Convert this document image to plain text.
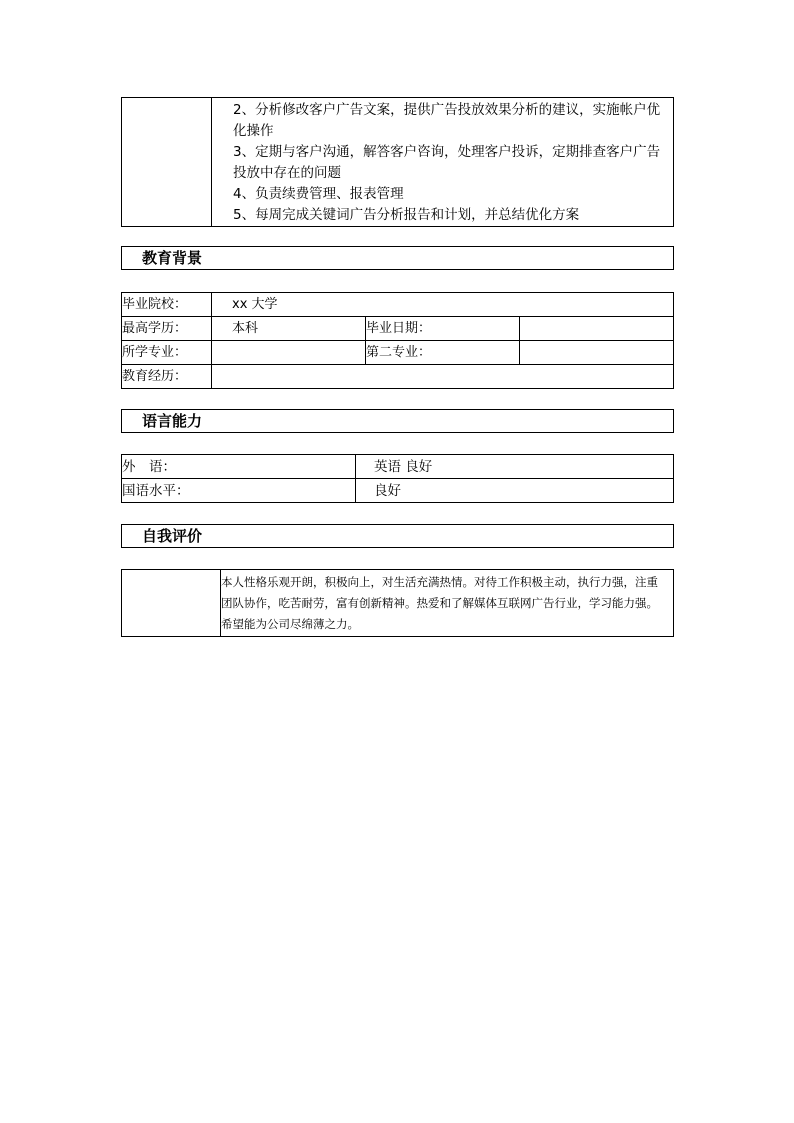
2、分析修改客户广告文案，提供广告投放效果分析的建议，实施帐户优
化操作
3、定期与客户沟通，解答客户咨询，处理客户投诉，定期排查客户广告
投放中存在的问题
4、负责续费管理、报表管理
5、每周完成关键词广告分析报告和计划，并总结优化方案
教育背景
毕业院校：	xx 大学		
最高学历：	本科	毕业日期：	
所学专业：		第二专业：	
教育经历：			
语言能力
外　语：	英语 良好
国语水平：	良好
自我评价

本人性格乐观开朗，积极向上，对生活充满热情。对待工作积极主动，执行力强，注重
团队协作，吃苦耐劳，富有创新精神。热爱和了解媒体互联网广告行业，学习能力强。
希望能为公司尽绵薄之力。
